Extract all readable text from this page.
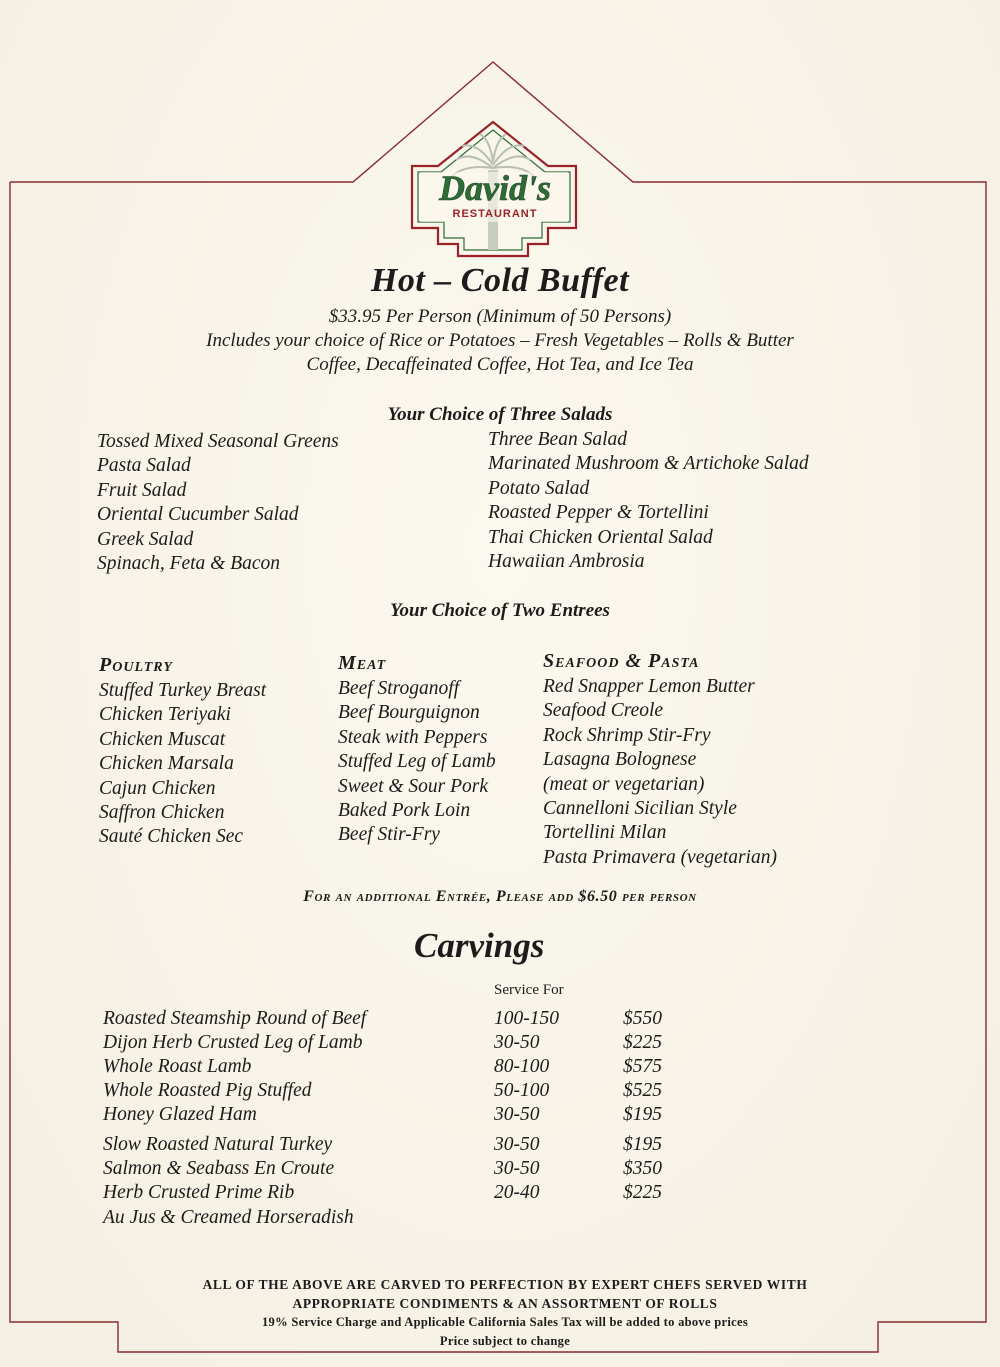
David's
RESTAURANT
Hot – Cold Buffet
$33.95 Per Person (Minimum of 50 Persons)
Includes your choice of Rice or Potatoes – Fresh Vegetables – Rolls & Butter
Coffee, Decaffeinated Coffee, Hot Tea, and Ice Tea
Your Choice of Three Salads
Tossed Mixed Seasonal Greens
Pasta Salad
Fruit Salad
Oriental Cucumber Salad
Greek Salad
Spinach, Feta & Bacon
Three Bean Salad
Marinated Mushroom & Artichoke Salad
Potato Salad
Roasted Pepper & Tortellini
Thai Chicken Oriental Salad
Hawaiian Ambrosia
Your Choice of Two Entrees
Poultry
Stuffed Turkey Breast
Chicken Teriyaki
Chicken Muscat
Chicken Marsala
Cajun Chicken
Saffron Chicken
Sauté Chicken Sec
Meat
Beef Stroganoff
Beef Bourguignon
Steak with Peppers
Stuffed Leg of Lamb
Sweet & Sour Pork
Baked Pork Loin
Beef Stir-Fry
Seafood & Pasta
Red Snapper Lemon Butter
Seafood Creole
Rock Shrimp Stir-Fry
Lasagna Bolognese
(meat or vegetarian)
Cannelloni Sicilian Style
Tortellini Milan
Pasta Primavera (vegetarian)
For an additional Entrée, Please add $6.50 per person
Carvings
Service For
Roasted Steamship Round of Beef	100-150	$550
Dijon Herb Crusted Leg of Lamb	30-50	$225
Whole Roast Lamb	80-100	$575
Whole Roasted Pig Stuffed	50-100	$525
Honey Glazed Ham	30-50	$195
Slow Roasted Natural Turkey	30-50	$195
Salmon & Seabass En Croute	30-50	$350
Herb Crusted Prime Rib	20-40	$225
Au Jus & Creamed Horseradish
ALL OF THE ABOVE ARE CARVED TO PERFECTION BY EXPERT CHEFS SERVED WITH
APPROPRIATE CONDIMENTS & AN ASSORTMENT OF ROLLS
19% Service Charge and Applicable California Sales Tax will be added to above prices
Price subject to change
